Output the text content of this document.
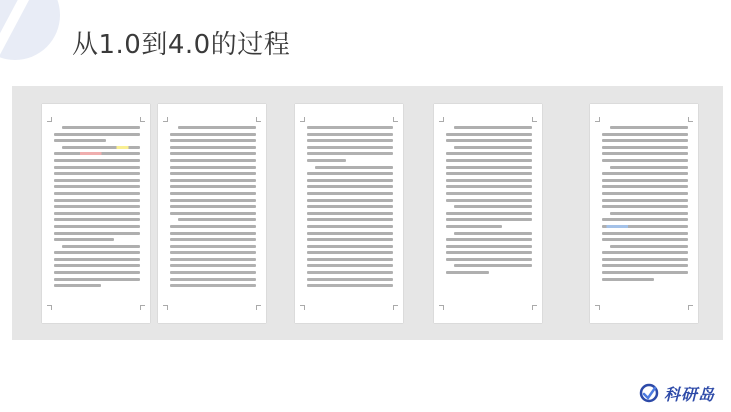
从1.0到4.0的过程
科研岛
